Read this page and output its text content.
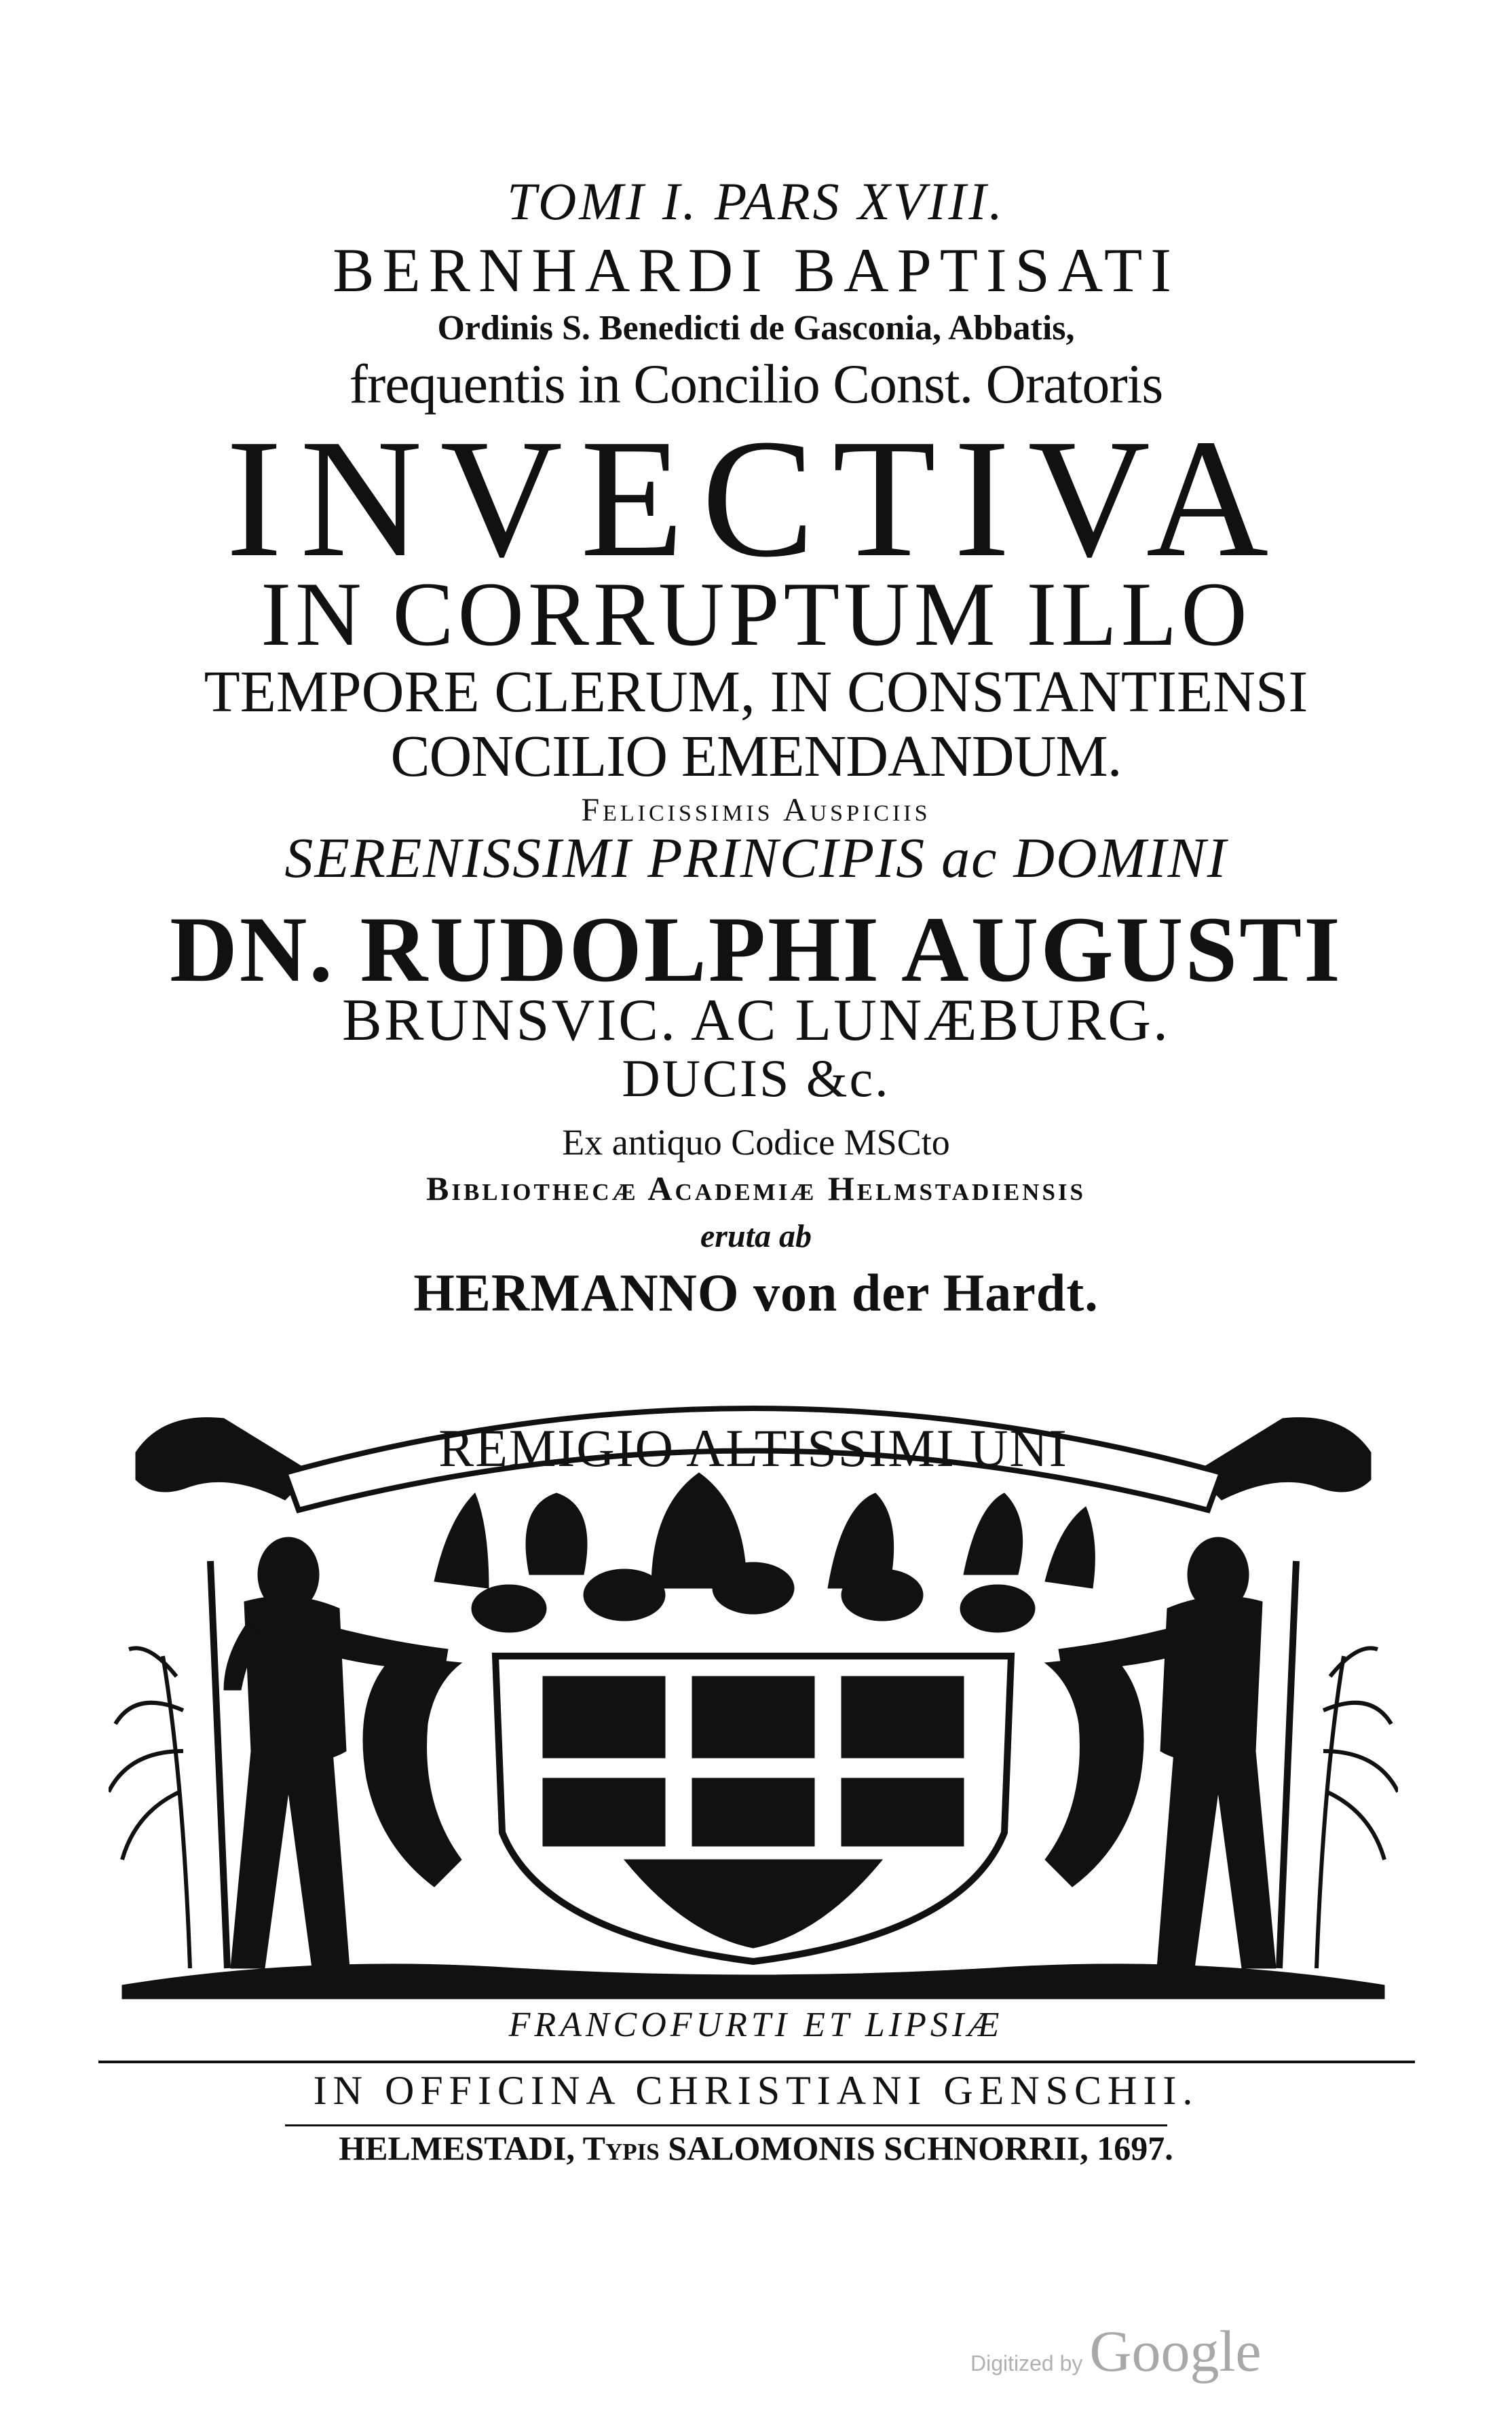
TOMI I. PARS XVIII.
BERNHARDI BAPTISATI
Ordinis S. Benedicti de Gasconia, Abbatis,
frequentis in Concilio Const. Oratoris
INVECTIVA
IN CORRUPTUM ILLO
TEMPORE CLERUM, IN CONSTANTIENSI
CONCILIO EMENDANDUM.
Felicissimis Auspiciis
SERENISSIMI PRINCIPIS ac DOMINI
DN. RUDOLPHI AUGUSTI
BRUNSVIC. AC LUNÆBURG.
DUCIS &c.
Ex antiquo Codice MSCto
Bibliothecæ Academiæ Helmstadiensis
eruta ab
HERMANNO von der Hardt.
REMIGIO ALTISSIMI UNI
FRANCOFURTI ET LIPSIÆ
IN OFFICINA CHRISTIANI GENSCHII.
HELMESTADI, Typis SALOMONIS SCHNORRII, 1697.
Digitized by Google
